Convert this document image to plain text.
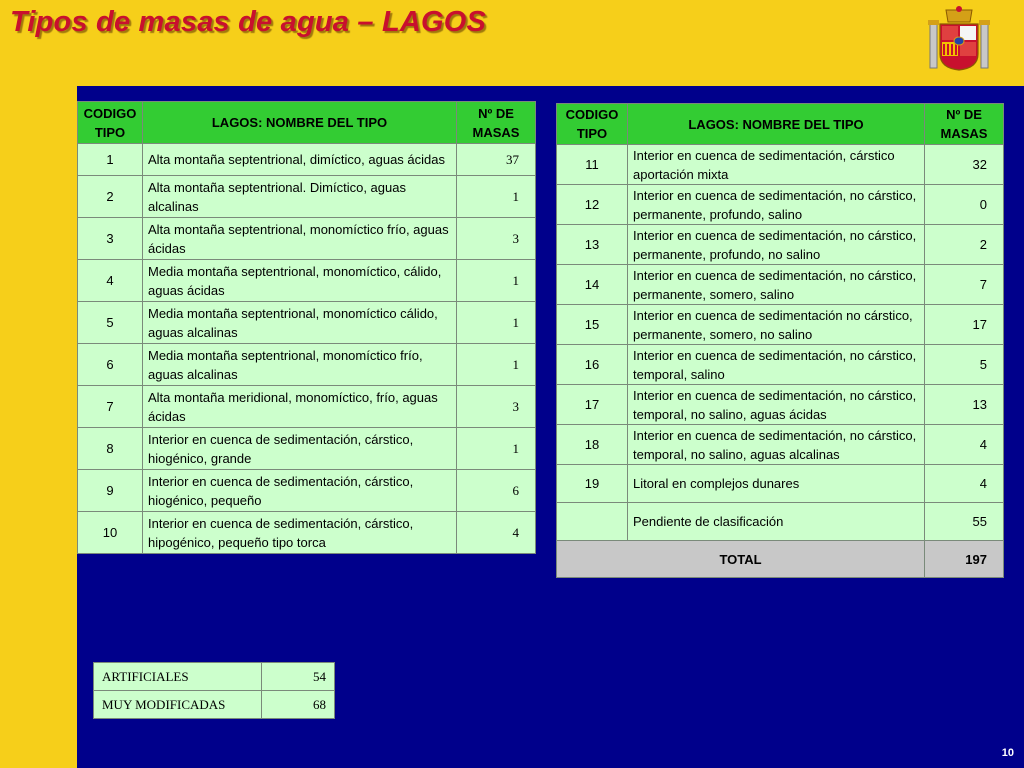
Tipos de masas de agua – LAGOS
CODIGO TIPO	LAGOS: NOMBRE DEL TIPO	Nº DE MASAS
1	Alta montaña septentrional, dimíctico, aguas ácidas	37
2	Alta montaña septentrional. Dimíctico, aguas alcalinas	1
3	Alta montaña septentrional, monomíctico frío, aguas ácidas	3
4	Media montaña septentrional, monomíctico, cálido, aguas ácidas	1
5	Media montaña septentrional, monomíctico cálido, aguas alcalinas	1
6	Media montaña septentrional, monomíctico frío, aguas alcalinas	1
7	Alta montaña meridional, monomíctico, frío, aguas ácidas	3
8	Interior en cuenca de sedimentación, cárstico, hiogénico, grande	1
9	Interior en cuenca de sedimentación, cárstico, hiogénico, pequeño	6
10	Interior en cuenca de sedimentación, cárstico, hipogénico, pequeño tipo torca	4
CODIGO TIPO	LAGOS: NOMBRE DEL TIPO	Nº DE MASAS
11	Interior en cuenca de sedimentación, cárstico aportación mixta	32
12	Interior en cuenca de sedimentación, no cárstico, permanente, profundo, salino	0
13	Interior en cuenca de sedimentación, no cárstico, permanente, profundo, no salino	2
14	Interior en cuenca de sedimentación, no cárstico, permanente, somero, salino	7
15	Interior en cuenca de sedimentación no cárstico, permanente, somero, no salino	17
16	Interior en cuenca de sedimentación, no cárstico, temporal, salino	5
17	Interior en cuenca de sedimentación, no cárstico, temporal, no salino, aguas ácidas	13
18	Interior en cuenca de sedimentación, no cárstico, temporal, no salino, aguas alcalinas	4
19	Litoral en complejos dunares	4
	Pendiente de clasificación	55
TOTAL		197
ARTIFICIALES	54
MUY MODIFICADAS	68
10
